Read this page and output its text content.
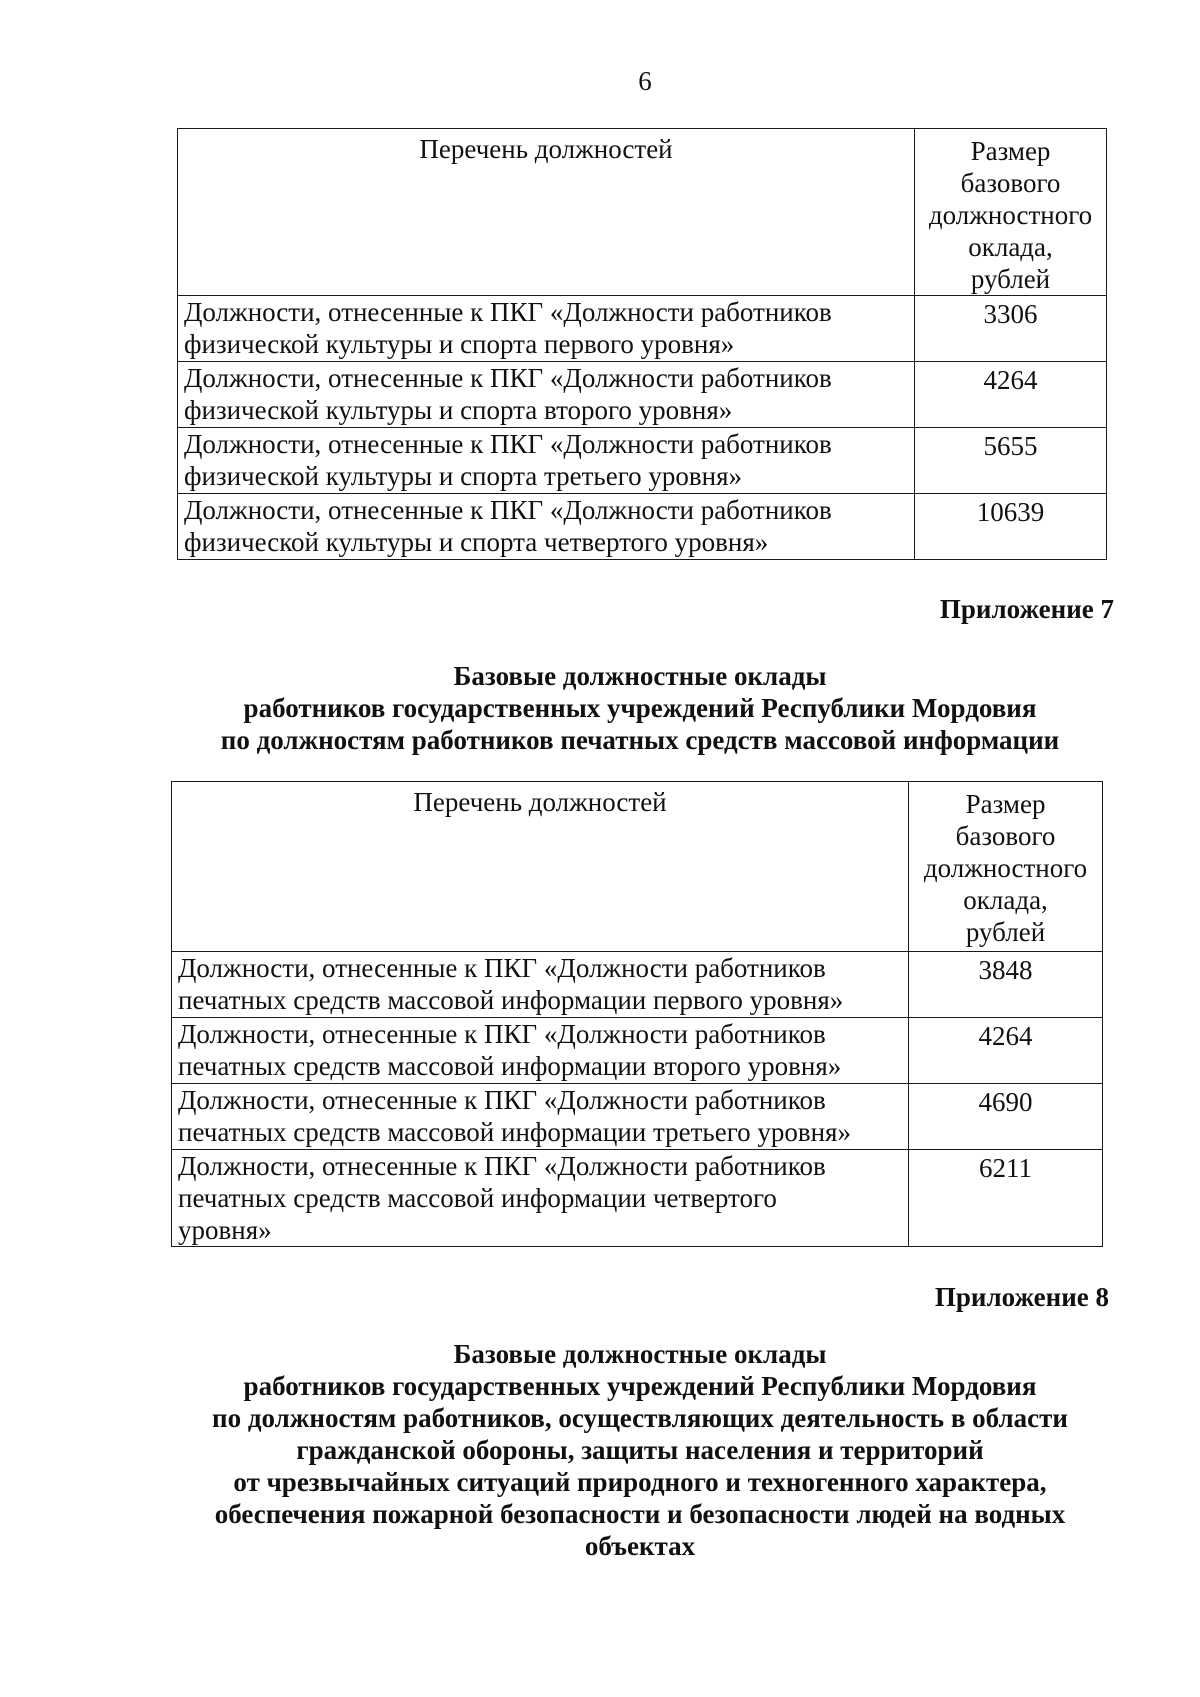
6
Перечень должностей	Размер
базового
должностного
оклада,
рублей

Должности, отнесенные к ПКГ «Должности работников
физической культуры и спорта первого уровня»	3306

Должности, отнесенные к ПКГ «Должности работников
физической культуры и спорта второго уровня»	4264

Должности, отнесенные к ПКГ «Должности работников
физической культуры и спорта третьего уровня»	5655

Должности, отнесенные к ПКГ «Должности работников
физической культуры и спорта четвертого уровня»	10639
Приложение 7
Базовые должностные оклады
работников государственных учреждений Республики Мордовия
по должностям работников печатных средств массовой информации
Перечень должностей	Размер
базового
должностного
оклада,
рублей

Должности, отнесенные к ПКГ «Должности работников
печатных средств массовой информации первого уровня»	3848

Должности, отнесенные к ПКГ «Должности работников
печатных средств массовой информации второго уровня»	4264

Должности, отнесенные к ПКГ «Должности работников
печатных средств массовой информации третьего уровня»	4690

Должности, отнесенные к ПКГ «Должности работников
печатных средств массовой информации четвертого
уровня»	6211
Приложение 8
Базовые должностные оклады
работников государственных учреждений Республики Мордовия
по должностям работников, осуществляющих деятельность в области
гражданской обороны, защиты населения и территорий
от чрезвычайных ситуаций природного и техногенного характера,
обеспечения пожарной безопасности и безопасности людей на водных
объектах
